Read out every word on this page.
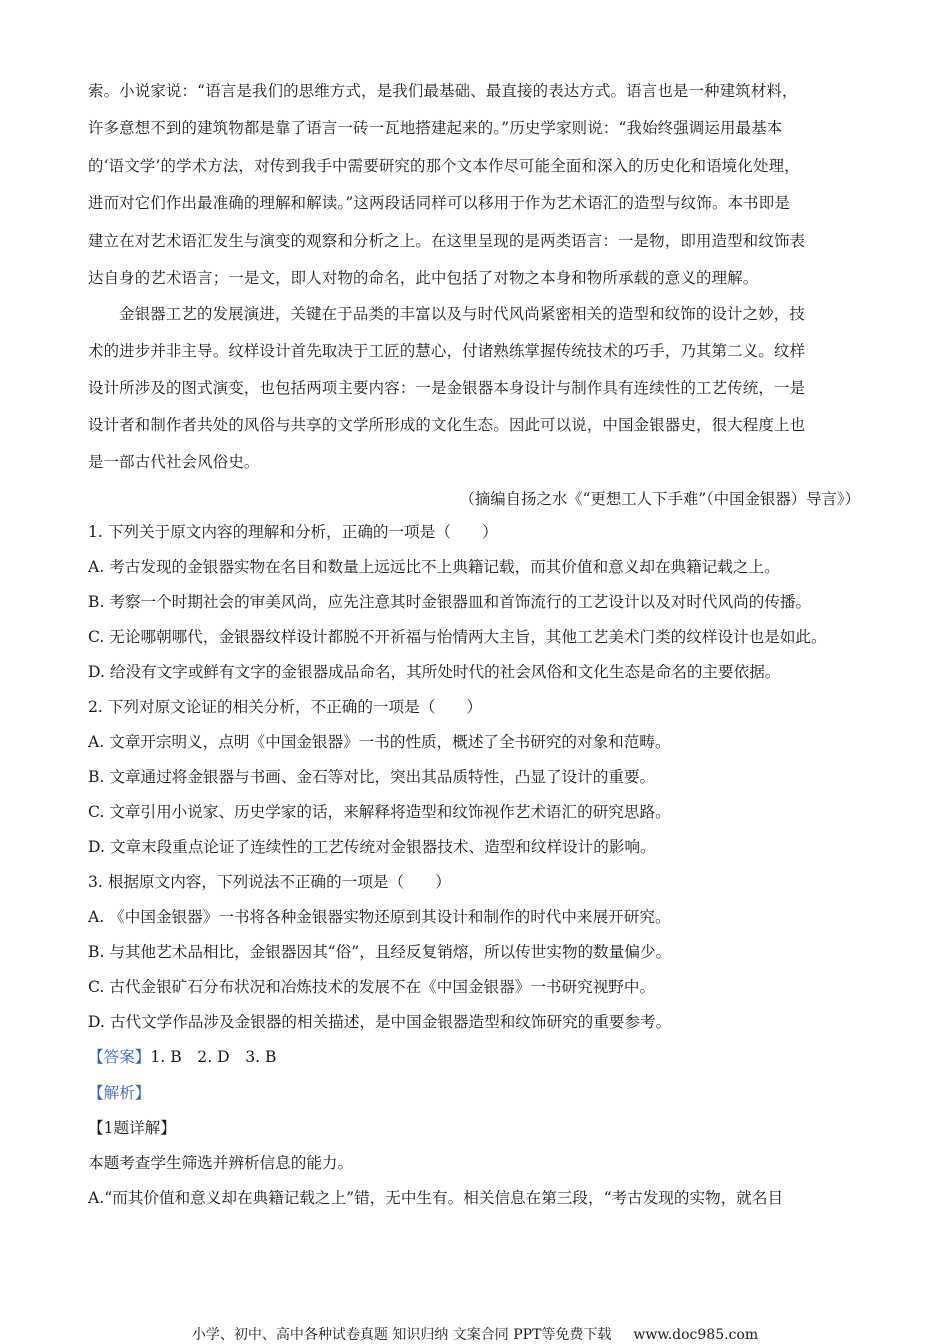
索。小说家说：“语言是我们的思维方式，是我们最基础、最直接的表达方式。语言也是一种建筑材料，
许多意想不到的建筑物都是靠了语言一砖一瓦地搭建起来的。”历史学家则说：“我始终强调运用最基本
的‘语文学’的学术方法，对传到我手中需要研究的那个文本作尽可能全面和深入的历史化和语境化处理，
进而对它们作出最准确的理解和解读。”这两段话同样可以移用于作为艺术语汇的造型与纹饰。本书即是
建立在对艺术语汇发生与演变的观察和分析之上。在这里呈现的是两类语言：一是物，即用造型和纹饰表
达自身的艺术语言；一是文，即人对物的命名，此中包括了对物之本身和物所承载的意义的理解。
金银器工艺的发展演进，关键在于品类的丰富以及与时代风尚紧密相关的造型和纹饰的设计之妙，技
术的进步并非主导。纹样设计首先取决于工匠的慧心，付诸熟练掌握传统技术的巧手，乃其第二义。纹样
设计所涉及的图式演变，也包括两项主要内容：一是金银器本身设计与制作具有连续性的工艺传统，一是
设计者和制作者共处的风俗与共享的文学所形成的文化生态。因此可以说，中国金银器史，很大程度上也
是一部古代社会风俗史。
（摘编自扬之水《“更想工人下手难”（中国金银器）导言》）
1. 下列关于原文内容的理解和分析，正确的一项是（　　）
A. 考古发现的金银器实物在名目和数量上远远比不上典籍记载，而其价值和意义却在典籍记载之上。
B. 考察一个时期社会的审美风尚，应先注意其时金银器皿和首饰流行的工艺设计以及对时代风尚的传播。
C. 无论哪朝哪代，金银器纹样设计都脱不开祈福与怡情两大主旨，其他工艺美术门类的纹样设计也是如此。
D. 给没有文字或鲜有文字的金银器成品命名，其所处时代的社会风俗和文化生态是命名的主要依据。
2. 下列对原文论证的相关分析，不正确的一项是（　　）
A. 文章开宗明义，点明《中国金银器》一书的性质，概述了全书研究的对象和范畴。
B. 文章通过将金银器与书画、金石等对比，突出其品质特性，凸显了设计的重要。
C. 文章引用小说家、历史学家的话，来解释将造型和纹饰视作艺术语汇的研究思路。
D. 文章末段重点论证了连续性的工艺传统对金银器技术、造型和纹样设计的影响。
3. 根据原文内容，下列说法不正确的一项是（　　）
A. 《中国金银器》一书将各种金银器实物还原到其设计和制作的时代中来展开研究。
B. 与其他艺术品相比，金银器因其“俗”，且经反复销熔，所以传世实物的数量偏少。
C. 古代金银矿石分布状况和冶炼技术的发展不在《中国金银器》一书研究视野中。
D. 古代文学作品涉及金银器的相关描述，是中国金银器造型和纹饰研究的重要参考。
【答案】1. B　2. D　3. B
【解析】
【1题详解】
本题考查学生筛选并辨析信息的能力。
A.“而其价值和意义却在典籍记载之上”错，无中生有。相关信息在第三段，“考古发现的实物，就名目
小学、初中、高中各种试卷真题 知识归纳 文案合同 PPT等免费下载 www.doc985.com
